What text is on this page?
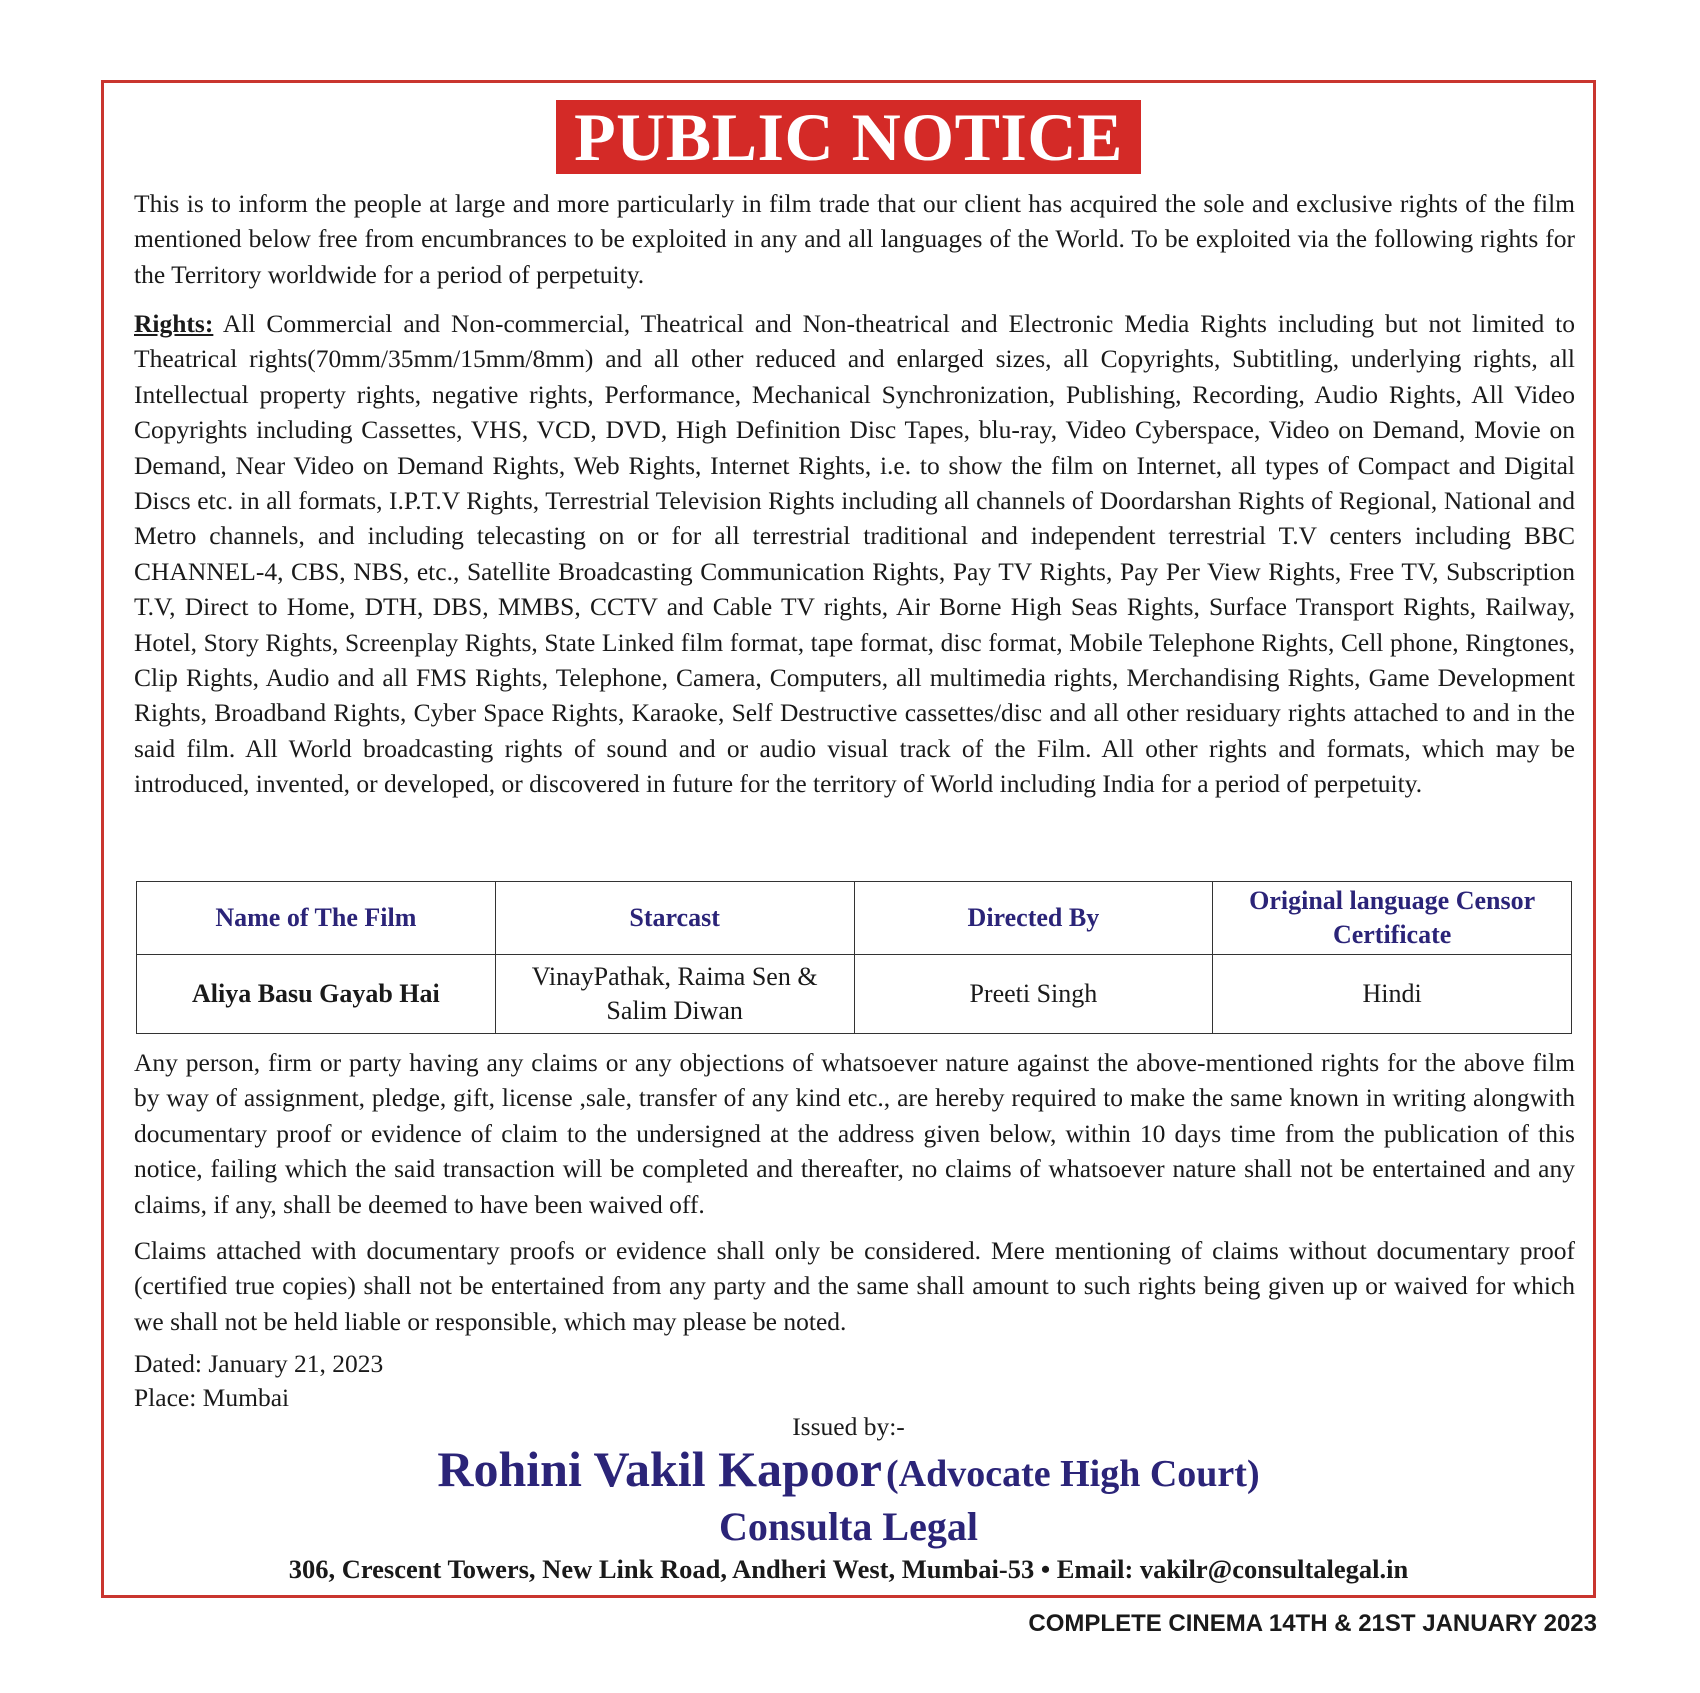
PUBLIC NOTICE

This is to inform the people at large and more particularly in film trade that our client has acquired the sole and exclusive rights of the film mentioned below free from encumbrances to be exploited in any and all languages of the World. To be exploited via the following rights for the Territory worldwide for a period of perpetuity.

Rights: All Commercial and Non-commercial, Theatrical and Non-theatrical and Electronic Media Rights including but not limited to Theatrical rights(70mm/35mm/15mm/8mm) and all other reduced and enlarged sizes, all Copyrights, Subtitling, underlying rights, all Intellectual property rights, negative rights, Performance, Mechanical Synchronization, Publishing, Recording, Audio Rights, All Video Copyrights including Cassettes, VHS, VCD, DVD, High Definition Disc Tapes, blu-ray, Video Cyberspace, Video on Demand, Movie on Demand, Near Video on Demand Rights, Web Rights, Internet Rights, i.e. to show the film on Internet, all types of Compact and Digital Discs etc. in all formats, I.P.T.V Rights, Terrestrial Television Rights including all channels of Doordarshan Rights of Regional, National and Metro channels, and including telecasting on or for all terrestrial traditional and independent terrestrial T.V centers including BBC CHANNEL-4, CBS, NBS, etc., Satellite Broadcasting Communication Rights, Pay TV Rights, Pay Per View Rights, Free TV, Subscription T.V, Direct to Home, DTH, DBS, MMBS, CCTV and Cable TV rights, Air Borne High Seas Rights, Surface Transport Rights, Railway, Hotel, Story Rights, Screenplay Rights, State Linked film format, tape format, disc format, Mobile Telephone Rights, Cell phone, Ringtones, Clip Rights, Audio and all FMS Rights, Telephone, Camera, Computers, all multimedia rights, Merchandising Rights, Game Development Rights, Broadband Rights, Cyber Space Rights, Karaoke, Self Destructive cassettes/disc and all other residuary rights attached to and in the said film. All World broadcasting rights of sound and or audio visual track of the Film. All other rights and formats, which may be introduced, invented, or developed, or discovered in future for the territory of World including India for a period of perpetuity.

Name of The Film	Starcast	Directed By	Original language Censor Certificate
Aliya Basu Gayab Hai	VinayPathak, Raima Sen & Salim Diwan	Preeti Singh	Hindi

Any person, firm or party having any claims or any objections of whatsoever nature against the above-mentioned rights for the above film by way of assignment, pledge, gift, license ,sale, transfer of any kind etc., are hereby required to make the same known in writing alongwith documentary proof or evidence of claim to the undersigned at the address given below, within 10 days time from the publication of this notice, failing which the said transaction will be completed and thereafter, no claims of whatsoever nature shall not be entertained and any claims, if any, shall be deemed to have been waived off.

Claims attached with documentary proofs or evidence shall only be considered. Mere mentioning of claims without documentary proof (certified true copies) shall not be entertained from any party and the same shall amount to such rights being given up or waived for which we shall not be held liable or responsible, which may please be noted.

Dated: January 21, 2023

Place: Mumbai

Issued by:-
Rohini Vakil Kapoor (Advocate High Court)
Consulta Legal
306, Crescent Towers, New Link Road, Andheri West, Mumbai-53 • Email: vakilr@consultalegal.in
COMPLETE CINEMA 14TH & 21ST JANUARY 2023
